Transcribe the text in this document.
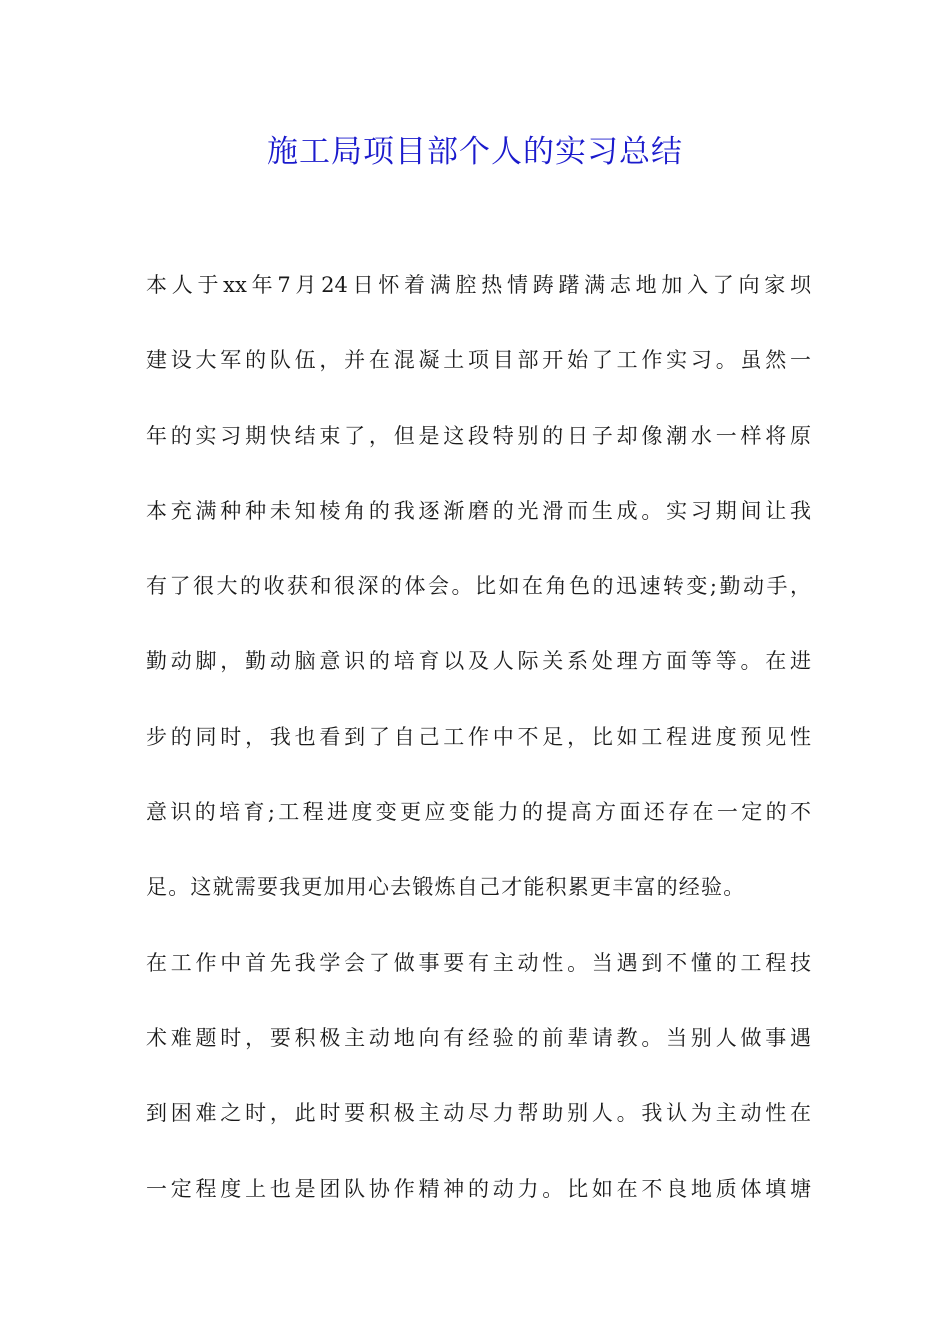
施工局项目部个人的实习总结
本人于xx年7月24日怀着满腔热情踌躇满志地加入了向家坝
建设大军的队伍，并在混凝土项目部开始了工作实习。虽然一
年的实习期快结束了，但是这段特别的日子却像潮水一样将原
本充满种种未知棱角的我逐渐磨的光滑而生成。实习期间让我
有了很大的收获和很深的体会。比如在角色的迅速转变;勤动手，
勤动脚，勤动脑意识的培育以及人际关系处理方面等等。在进
步的同时，我也看到了自己工作中不足，比如工程进度预见性
意识的培育;工程进度变更应变能力的提高方面还存在一定的不
足。这就需要我更加用心去锻炼自己才能积累更丰富的经验。
在工作中首先我学会了做事要有主动性。当遇到不懂的工程技
术难题时，要积极主动地向有经验的前辈请教。当别人做事遇
到困难之时，此时要积极主动尽力帮助别人。我认为主动性在
一定程度上也是团队协作精神的动力。比如在不良地质体填塘
